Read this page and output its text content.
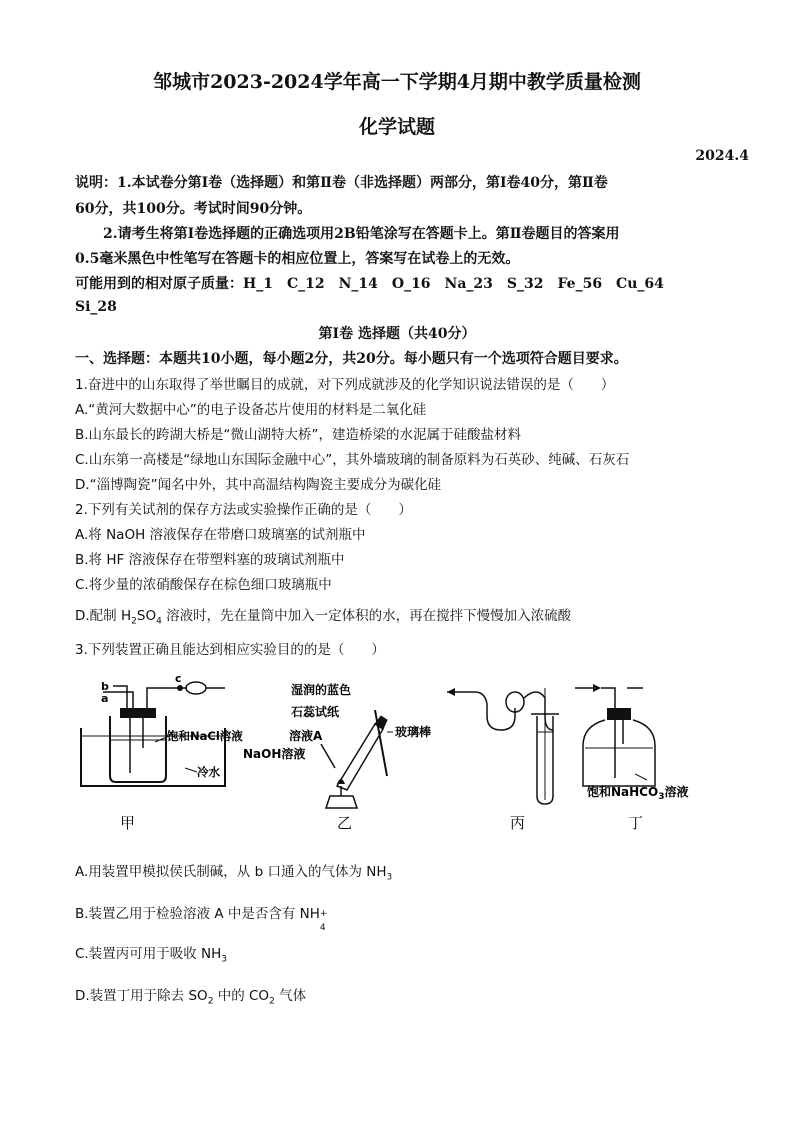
邹城市2023-2024学年高一下学期4月期中教学质量检测
化学试题
2024.4
说明：1.本试卷分第Ⅰ卷（选择题）和第Ⅱ卷（非选择题）两部分，第Ⅰ卷40分，第Ⅱ卷
60分，共100分。考试时间90分钟。
2.请考生将第Ⅰ卷选择题的正确选项用2B铅笔涂写在答题卡上。第Ⅱ卷题目的答案用
0.5毫米黑色中性笔写在答题卡的相应位置上，答案写在试卷上的无效。
可能用到的相对原子质量：H_1　C_12　N_14　O_16　Na_23　S_32　Fe_56　Cu_64
Si_28
第Ⅰ卷 选择题（共40分）
一、选择题：本题共10小题，每小题2分，共20分。每小题只有一个选项符合题目要求。
1.奋进中的山东取得了举世瞩目的成就，对下列成就涉及的化学知识说法错误的是（　　）
A.“黄河大数据中心”的电子设备芯片使用的材料是二氧化硅
B.山东最长的跨湖大桥是“微山湖特大桥”，建造桥梁的水泥属于硅酸盐材料
C.山东第一高楼是“绿地山东国际金融中心”，其外墙玻璃的制备原料为石英砂、纯碱、石灰石
D.“淄博陶瓷”闻名中外，其中高温结构陶瓷主要成分为碳化硅
2.下列有关试剂的保存方法或实验操作正确的是（　　）
A.将 NaOH 溶液保存在带磨口玻璃塞的试剂瓶中
B.将 HF 溶液保存在带塑料塞的玻璃试剂瓶中
C.将少量的浓硝酸保存在棕色细口玻璃瓶中
D.配制 $H_2SO_4$ 溶液时，先在量筒中加入一定体积的水，再在搅拌下慢慢加入浓硫酸
3.下列装置正确且能达到相应实验目的的是（　　）
b
a
c
饱和NaCl溶液
冷水
甲
湿润的蓝色
石蕊试纸
溶液A
NaOH溶液
玻璃棒
乙	丙
饱和NaHCO$_3$溶液
丁
A.用装置甲模拟侯氏制碱，从 b 口通入的气体为 $NH_3$
B.装置乙用于检验溶液 A 中是否含有 NH +
4
C.装置丙可用于吸收 $NH_3$
D.装置丁用于除去 $SO_2$ 中的 $CO_2$ 气体
